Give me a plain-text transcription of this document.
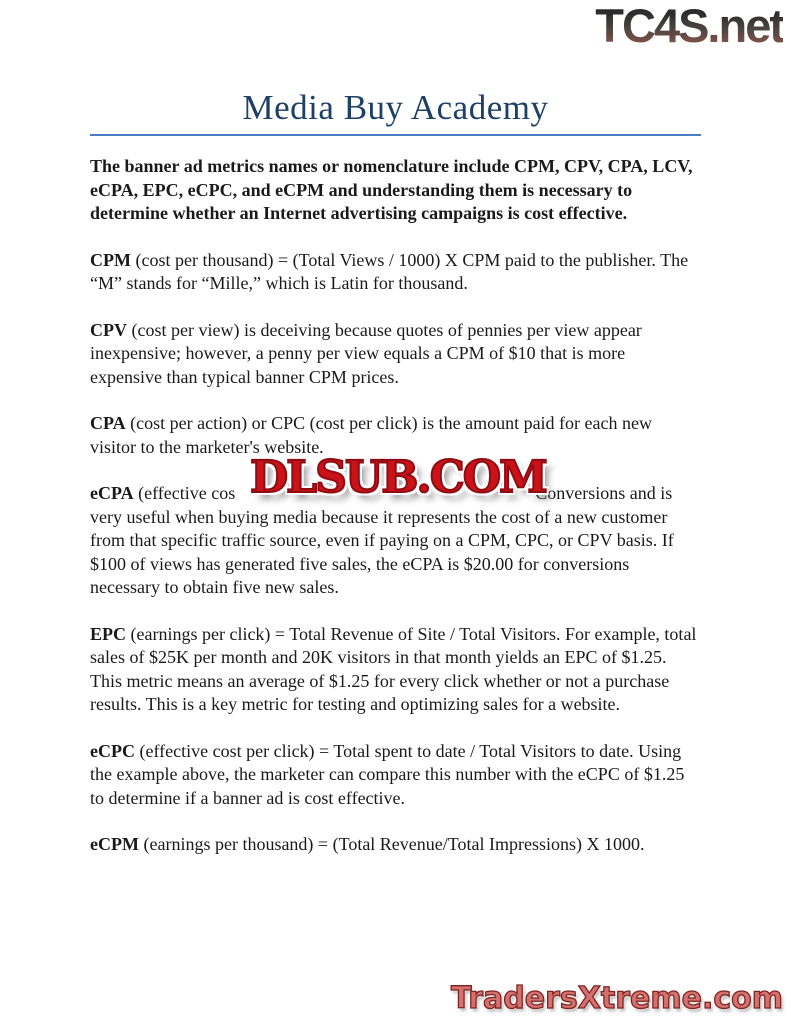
TC4S.net
Media Buy Academy

The banner ad metrics names or nomenclature include CPM, CPV, CPA, LCV, eCPA, EPC, eCPC, and eCPM and understanding them is necessary to determine whether an Internet advertising campaigns is cost effective.

CPM (cost per thousand) = (Total Views / 1000) X CPM paid to the publisher. The “M” stands for “Mille,” which is Latin for thousand.

CPV (cost per view) is deceiving because quotes of pennies per view appear inexpensive; however, a penny per view equals a CPM of $10 that is more expensive than typical banner CPM prices.

CPA (cost per action) or CPC (cost per click) is the amount paid for each new visitor to the marketer's website.

eCPA (effective cos DLSUB.COM
Conversions and is very useful when buying media because it represents the cost of a new customer from that specific traffic source, even if paying on a CPM, CPC, or CPV basis. If $100 of views has generated five sales, the eCPA is $20.00 for conversions necessary to obtain five new sales.

EPC (earnings per click) = Total Revenue of Site / Total Visitors. For example, total sales of $25K per month and 20K visitors in that month yields an EPC of $1.25. This metric means an average of $1.25 for every click whether or not a purchase results. This is a key metric for testing and optimizing sales for a website.

eCPC (effective cost per click) = Total spent to date / Total Visitors to date. Using the example above, the marketer can compare this number with the eCPC of $1.25 to determine if a banner ad is cost effective.

eCPM (earnings per thousand) = (Total Revenue/Total Impressions) X 1000.

TradersXtreme.com
